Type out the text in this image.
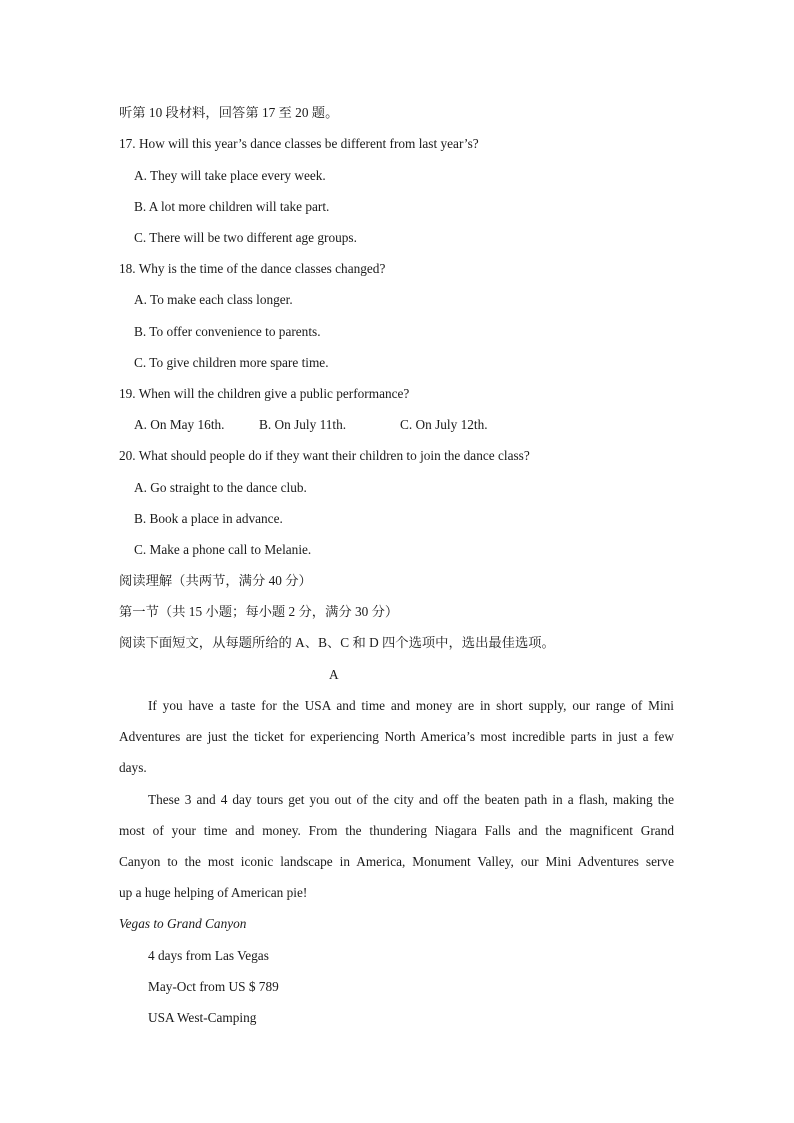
听第 10 段材料，回答第 17 至 20 题。
17. How will this year’s dance classes be different from last year’s?
A. They will take place every week.
B. A lot more children will take part.
C. There will be two different age groups.
18. Why is the time of the dance classes changed?
A. To make each class longer.
B. To offer convenience to parents.
C. To give children more spare time.
19. When will the children give a public performance?
A. On May 16th.	B. On July 11th.	C. On July 12th.
20. What should people do if they want their children to join the dance class?
A. Go straight to the dance club.
B. Book a place in advance.
C. Make a phone call to Melanie.
阅读理解（共两节，满分 40 分）
第一节（共 15 小题；每小题 2 分，满分 30 分）
阅读下面短文，从每题所给的 A、B、C 和 D 四个选项中，选出最佳选项。
A
If you have a taste for the USA and time and money are in short supply, our range of Mini
Adventures are just the ticket for experiencing North America’s most incredible parts in just a few
days.
These 3 and 4 day tours get you out of the city and off the beaten path in a flash, making the
most of your time and money. From the thundering Niagara Falls and the magnificent Grand
Canyon to the most iconic landscape in America, Monument Valley, our Mini Adventures serve
up a huge helping of American pie!
Vegas to Grand Canyon
4 days from Las Vegas
May-Oct from US $ 789
USA West-Camping
